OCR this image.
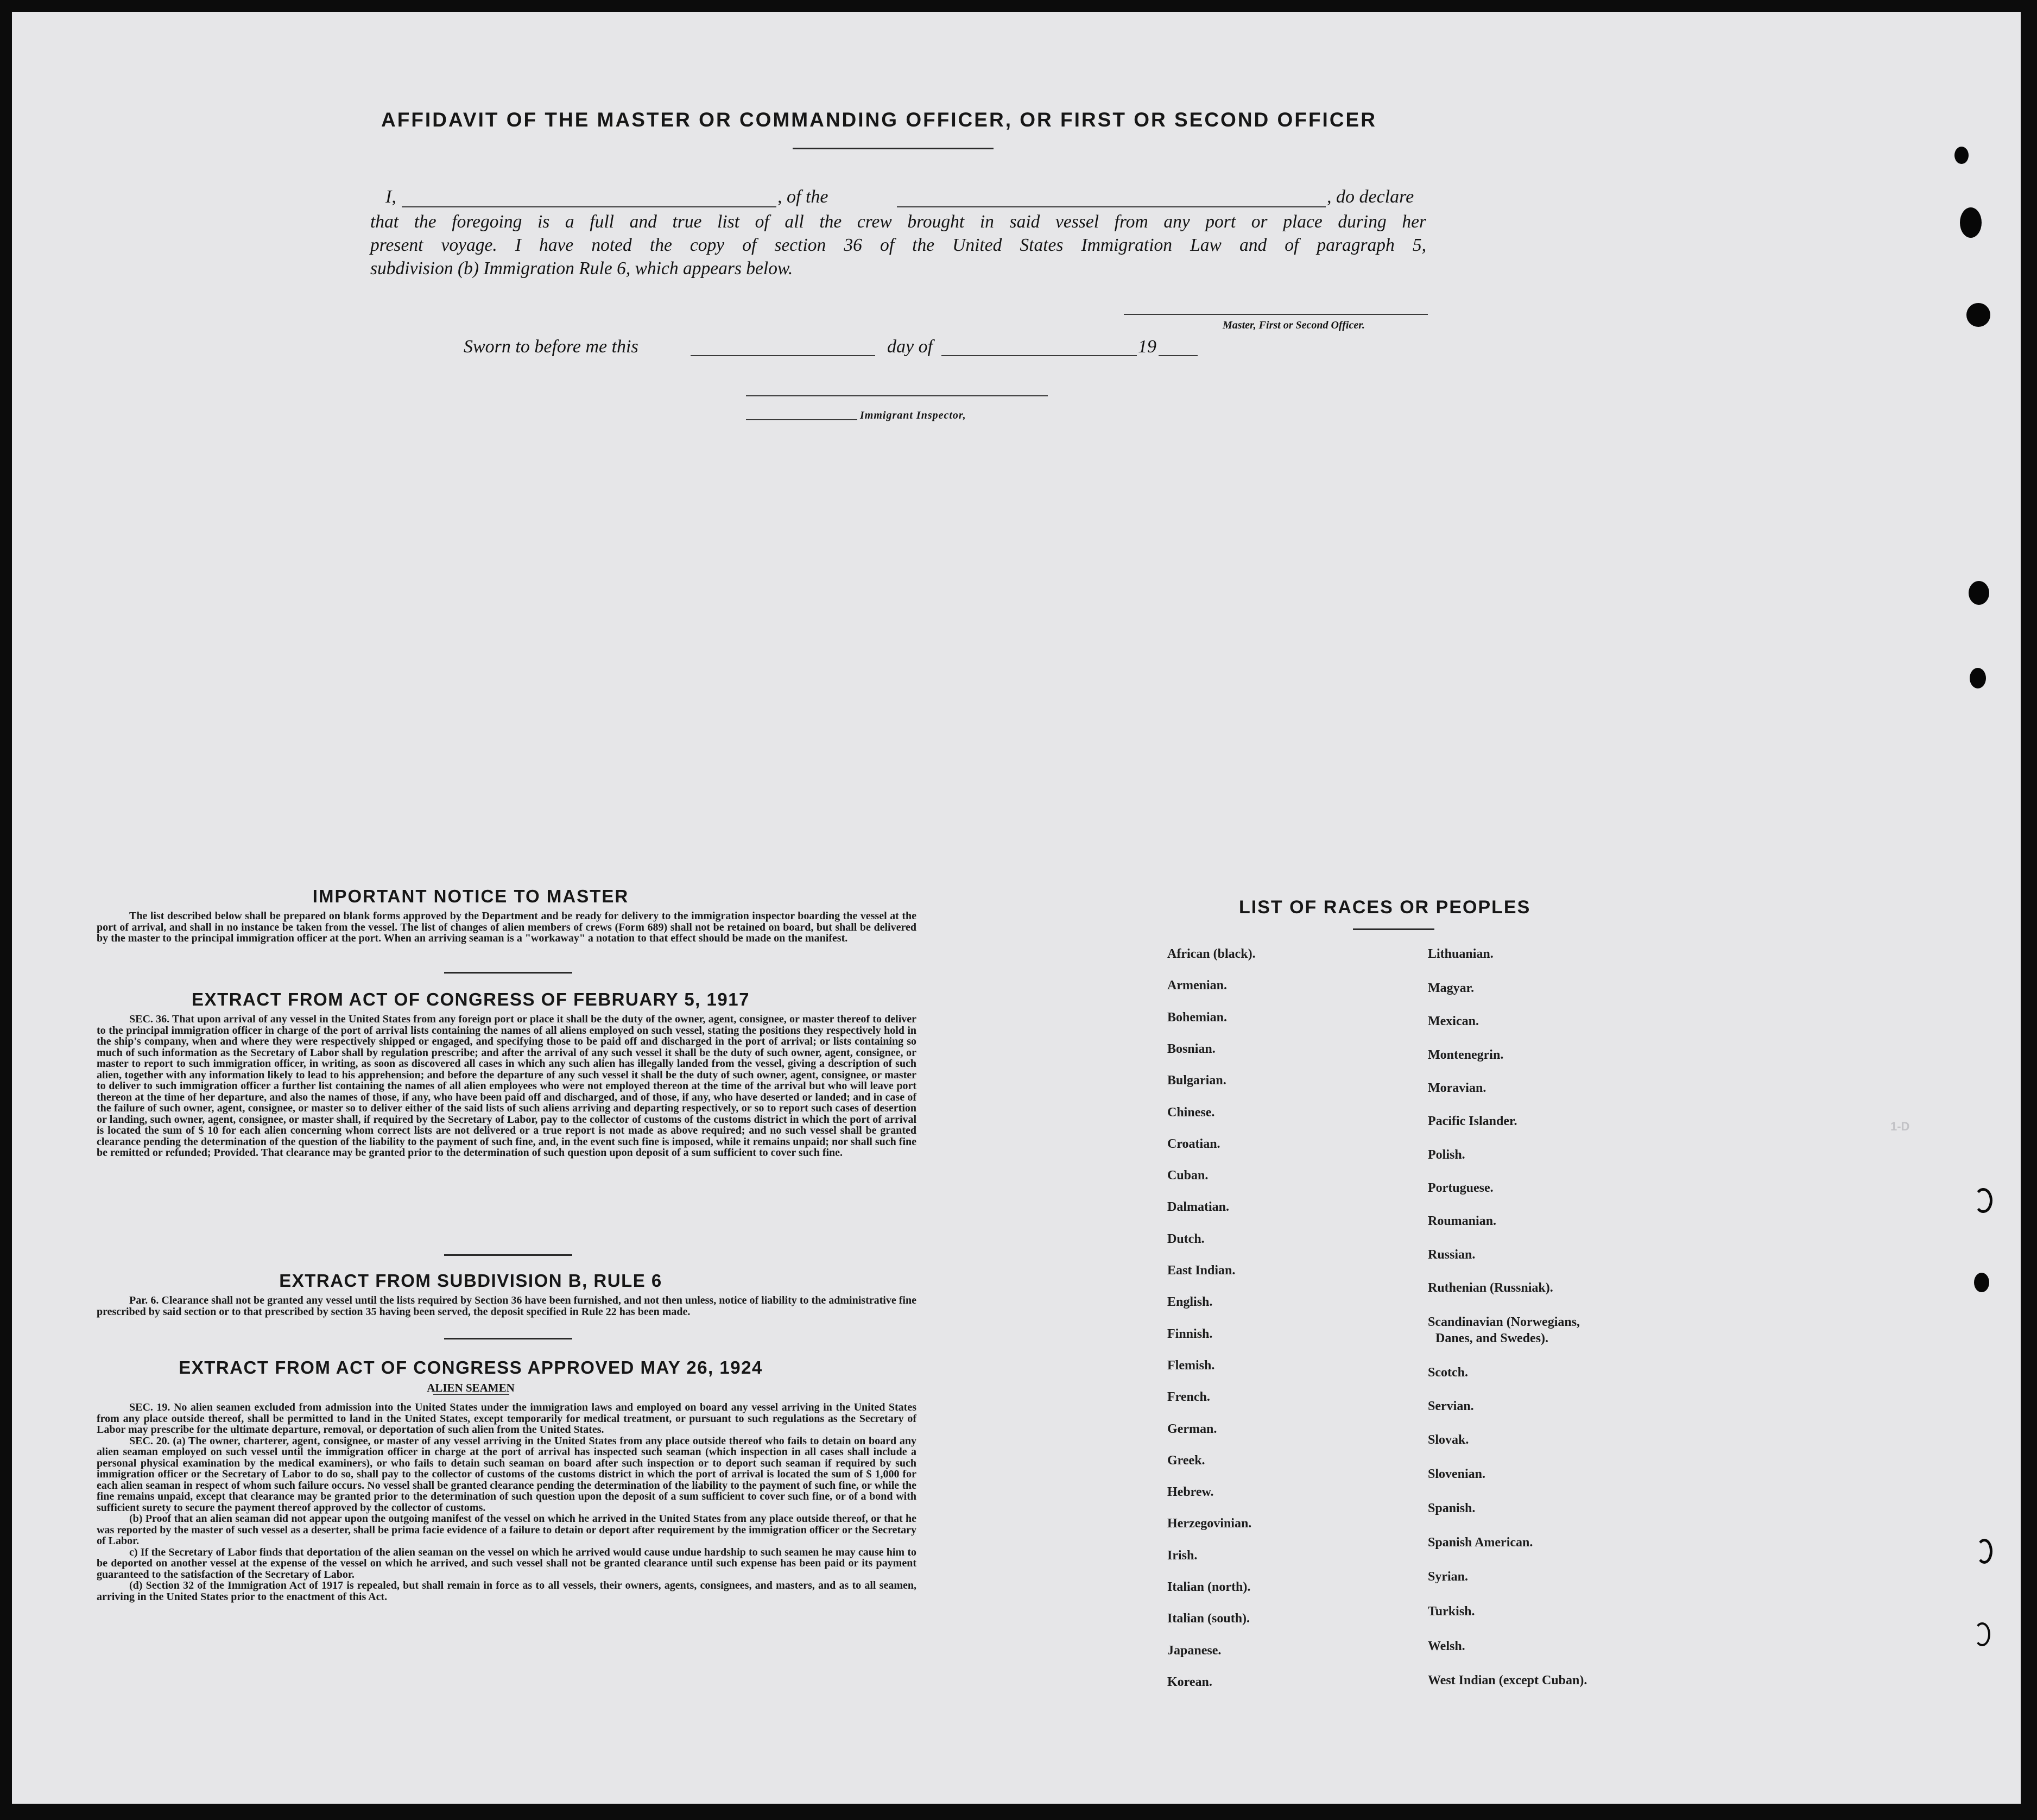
1-D
AFFIDAVIT OF THE MASTER OR COMMANDING OFFICER, OR FIRST OR SECOND OFFICER
I,	, of the	, do declare
that the foregoing is a full and true list of all the crew brought in said vessel from any port or place during her
present voyage. I have noted the copy of section 36 of the United States Immigration Law and of paragraph 5,
subdivision (b) Immigration Rule 6, which appears below.
Master, First or Second Officer.
Sworn to before me this	day of	19
Immigrant Inspector,
IMPORTANT NOTICE TO MASTER

The list described below shall be prepared on blank forms approved by the Department and be ready for delivery to the immigration inspector boarding the vessel at the port of arrival, and shall in no instance be taken from the vessel. The list of changes of alien members of crews (Form 689) shall not be retained on board, but shall be delivered by the master to the principal immigration officer at the port. When an arriving seaman is a "workaway" a notation to that effect should be made on the manifest.

EXTRACT FROM ACT OF CONGRESS OF FEBRUARY 5, 1917

SEC. 36. That upon arrival of any vessel in the United States from any foreign port or place it shall be the duty of the owner, agent, consignee, or master thereof to deliver to the principal immigration officer in charge of the port of arrival lists containing the names of all aliens employed on such vessel, stating the positions they respectively hold in the ship's company, when and where they were respectively shipped or engaged, and specifying those to be paid off and discharged in the port of arrival; or lists containing so much of such information as the Secretary of Labor shall by regulation prescribe; and after the arrival of any such vessel it shall be the duty of such owner, agent, consignee, or master to report to such immigration officer, in writing, as soon as discovered all cases in which any such alien has illegally landed from the vessel, giving a description of such alien, together with any information likely to lead to his apprehension; and before the departure of any such vessel it shall be the duty of such owner, agent, consignee, or master to deliver to such immigration officer a further list containing the names of all alien employees who were not employed thereon at the time of the arrival but who will leave port thereon at the time of her departure, and also the names of those, if any, who have been paid off and discharged, and of those, if any, who have deserted or landed; and in case of the failure of such owner, agent, consignee, or master so to deliver either of the said lists of such aliens arriving and departing respectively, or so to report such cases of desertion or landing, such owner, agent, consignee, or master shall, if required by the Secretary of Labor, pay to the collector of customs of the customs district in which the port of arrival is located the sum of $ 10 for each alien concerning whom correct lists are not delivered or a true report is not made as above required; and no such vessel shall be granted clearance pending the determination of the question of the liability to the payment of such fine, and, in the event such fine is imposed, while it remains unpaid; nor shall such fine be remitted or refunded; Provided. That clearance may be granted prior to the determination of such question upon deposit of a sum sufficient to cover such fine.

EXTRACT FROM SUBDIVISION B, RULE 6

Par. 6. Clearance shall not be granted any vessel until the lists required by Section 36 have been furnished, and not then unless, notice of liability to the administrative fine prescribed by said section or to that prescribed by section 35 having been served, the deposit specified in Rule 22 has been made.

EXTRACT FROM ACT OF CONGRESS APPROVED MAY 26, 1924
ALIEN SEAMEN

SEC. 19. No alien seamen excluded from admission into the United States under the immigration laws and employed on board any vessel arriving in the United States from any place outside thereof, shall be permitted to land in the United States, except temporarily for medical treatment, or pursuant to such regulations as the Secretary of Labor may prescribe for the ultimate departure, removal, or deportation of such alien from the United States.

SEC. 20. (a) The owner, charterer, agent, consignee, or master of any vessel arriving in the United States from any place outside thereof who fails to detain on board any alien seaman employed on such vessel until the immigration officer in charge at the port of arrival has inspected such seaman (which inspection in all cases shall include a personal physical examination by the medical examiners), or who fails to detain such seaman on board after such inspection or to deport such seaman if required by such immigration officer or the Secretary of Labor to do so, shall pay to the collector of customs of the customs district in which the port of arrival is located the sum of $ 1,000 for each alien seaman in respect of whom such failure occurs. No vessel shall be granted clearance pending the determination of the liability to the payment of such fine, or while the fine remains unpaid, except that clearance may be granted prior to the determination of such question upon the deposit of a sum sufficient to cover such fine, or of a bond with sufficient surety to secure the payment thereof approved by the collector of customs.

(b) Proof that an alien seaman did not appear upon the outgoing manifest of the vessel on which he arrived in the United States from any place outside thereof, or that he was reported by the master of such vessel as a deserter, shall be prima facie evidence of a failure to detain or deport after requirement by the immigration officer or the Secretary of Labor.

c) If the Secretary of Labor finds that deportation of the alien seaman on the vessel on which he arrived would cause undue hardship to such seamen he may cause him to be deported on another vessel at the expense of the vessel on which he arrived, and such vessel shall not be granted clearance until such expense has been paid or its payment guaranteed to the satisfaction of the Secretary of Labor.

(d) Section 32 of the Immigration Act of 1917 is repealed, but shall remain in force as to all vessels, their owners, agents, consignees, and masters, and as to all seamen, arriving in the United States prior to the enactment of this Act.

LIST OF RACES OR PEOPLES
African (black).
Armenian.
Bohemian.
Bosnian.
Bulgarian.
Chinese.
Croatian.
Cuban.
Dalmatian.
Dutch.
East Indian.
English.
Finnish.
Flemish.
French.
German.
Greek.
Hebrew.
Herzegovinian.
Irish.
Italian (north).
Italian (south).
Japanese.
Korean.
Lithuanian.
Magyar.
Mexican.
Montenegrin.
Moravian.
Pacific Islander.
Polish.
Portuguese.
Roumanian.
Russian.
Ruthenian (Russniak).
Scandinavian (Norwegians,
Danes, and Swedes).
Scotch.
Servian.
Slovak.
Slovenian.
Spanish.
Spanish American.
Syrian.
Turkish.
Welsh.
West Indian (except Cuban).
